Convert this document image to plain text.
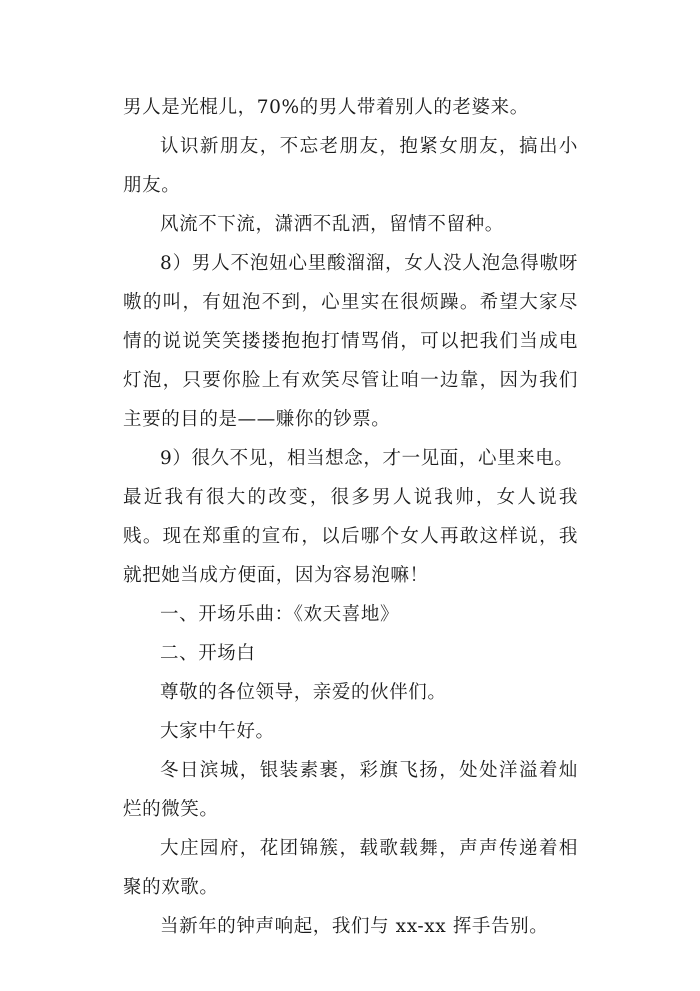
男人是光棍儿，70%的男人带着别人的老婆来。

认识新朋友，不忘老朋友，抱紧女朋友，搞出小朋友。

风流不下流，潇洒不乱洒，留情不留种。

8）男人不泡妞心里酸溜溜，女人没人泡急得嗷呀嗷的叫，有妞泡不到，心里实在很烦躁。希望大家尽情的说说笑笑搂搂抱抱打情骂俏，可以把我们当成电灯泡，只要你脸上有欢笑尽管让咱一边靠，因为我们主要的目的是——赚你的钞票。

9）很久不见，相当想念，才一见面，心里来电。

最近我有很大的改变，很多男人说我帅，女人说我贱。现在郑重的宣布，以后哪个女人再敢这样说，我就把她当成方便面，因为容易泡嘛！

一、开场乐曲：《欢天喜地》

二、开场白

尊敬的各位领导，亲爱的伙伴们。

大家中午好。

冬日滨城，银装素裹，彩旗飞扬，处处洋溢着灿烂的微笑。

大庄园府，花团锦簇，载歌载舞，声声传递着相聚的欢歌。

当新年的钟声响起，我们与 xx-xx 挥手告别。
